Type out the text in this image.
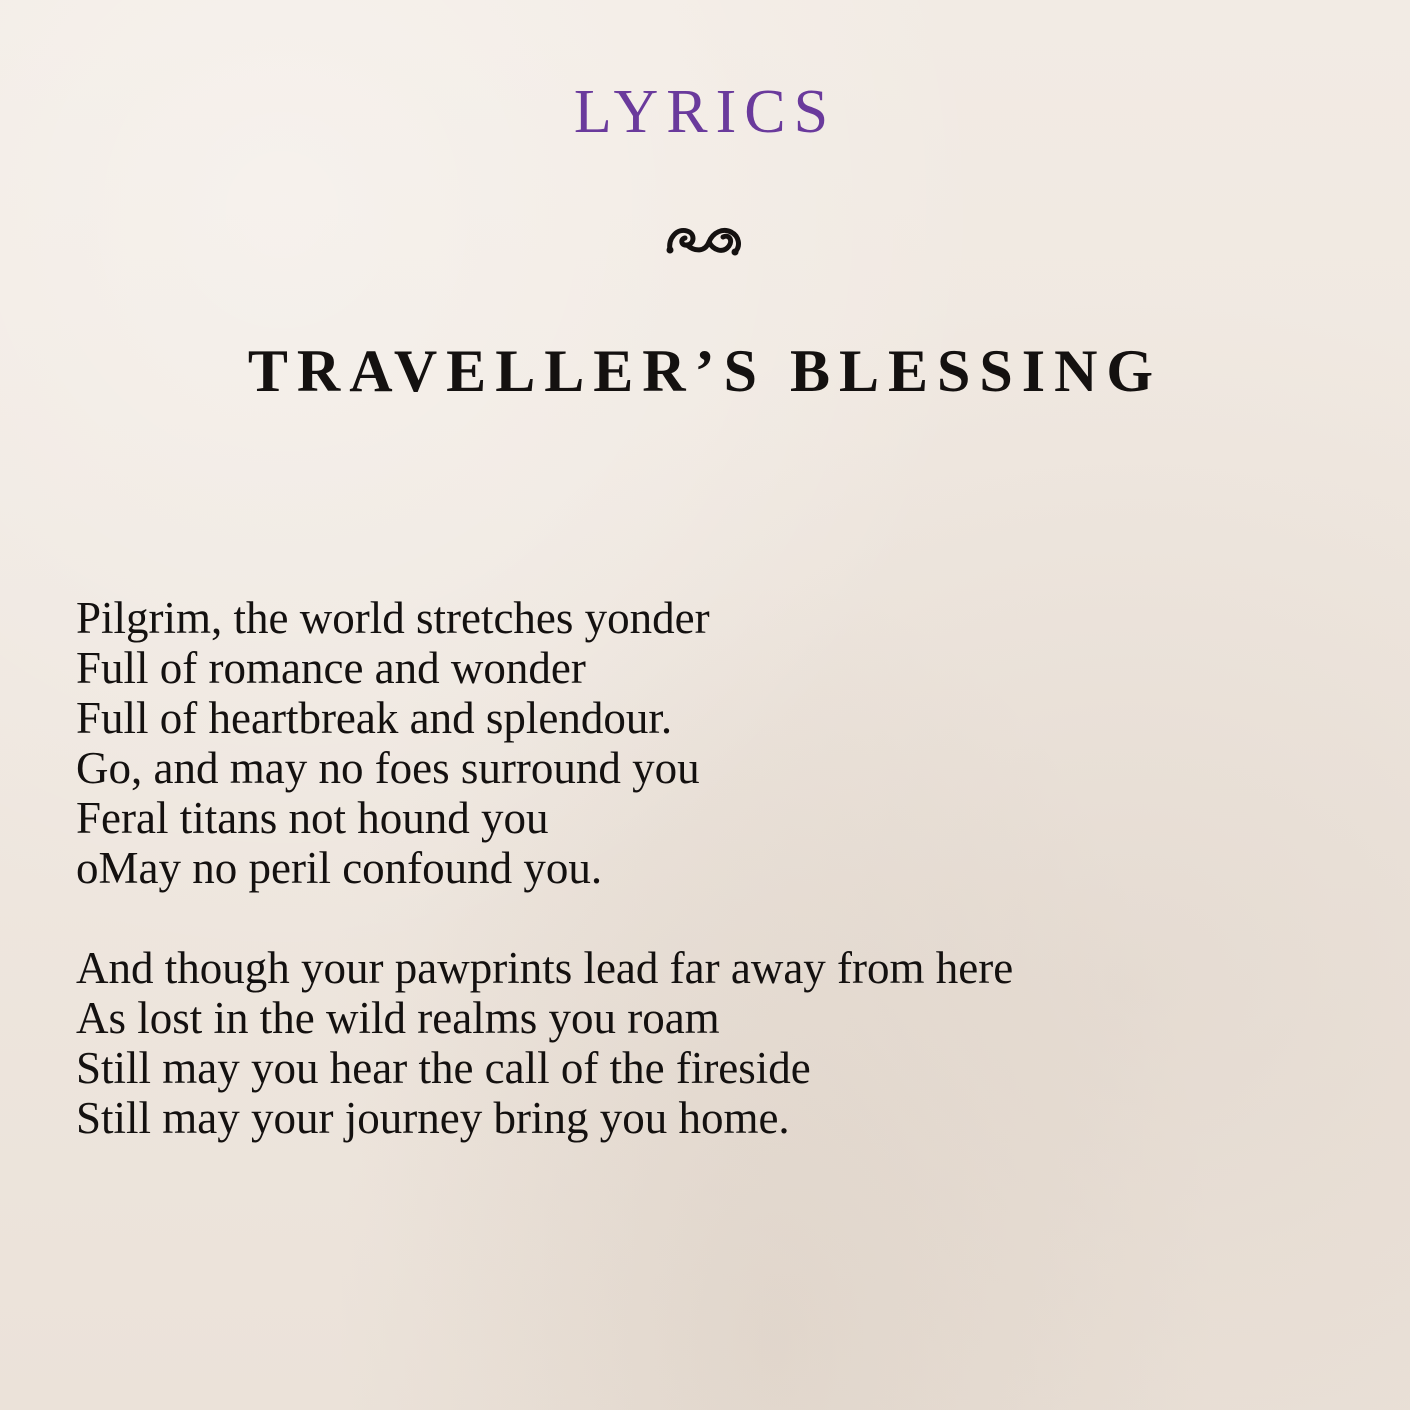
LYRICS
TRAVELLER’S BLESSING
Pilgrim, the world stretches yonder
Full of romance and wonder
Full of heartbreak and splendour.
Go, and may no foes surround you
Feral titans not hound you
oMay no peril confound you.
And though your pawprints lead far away from here
As lost in the wild realms you roam
Still may you hear the call of the fireside
Still may your journey bring you home.
